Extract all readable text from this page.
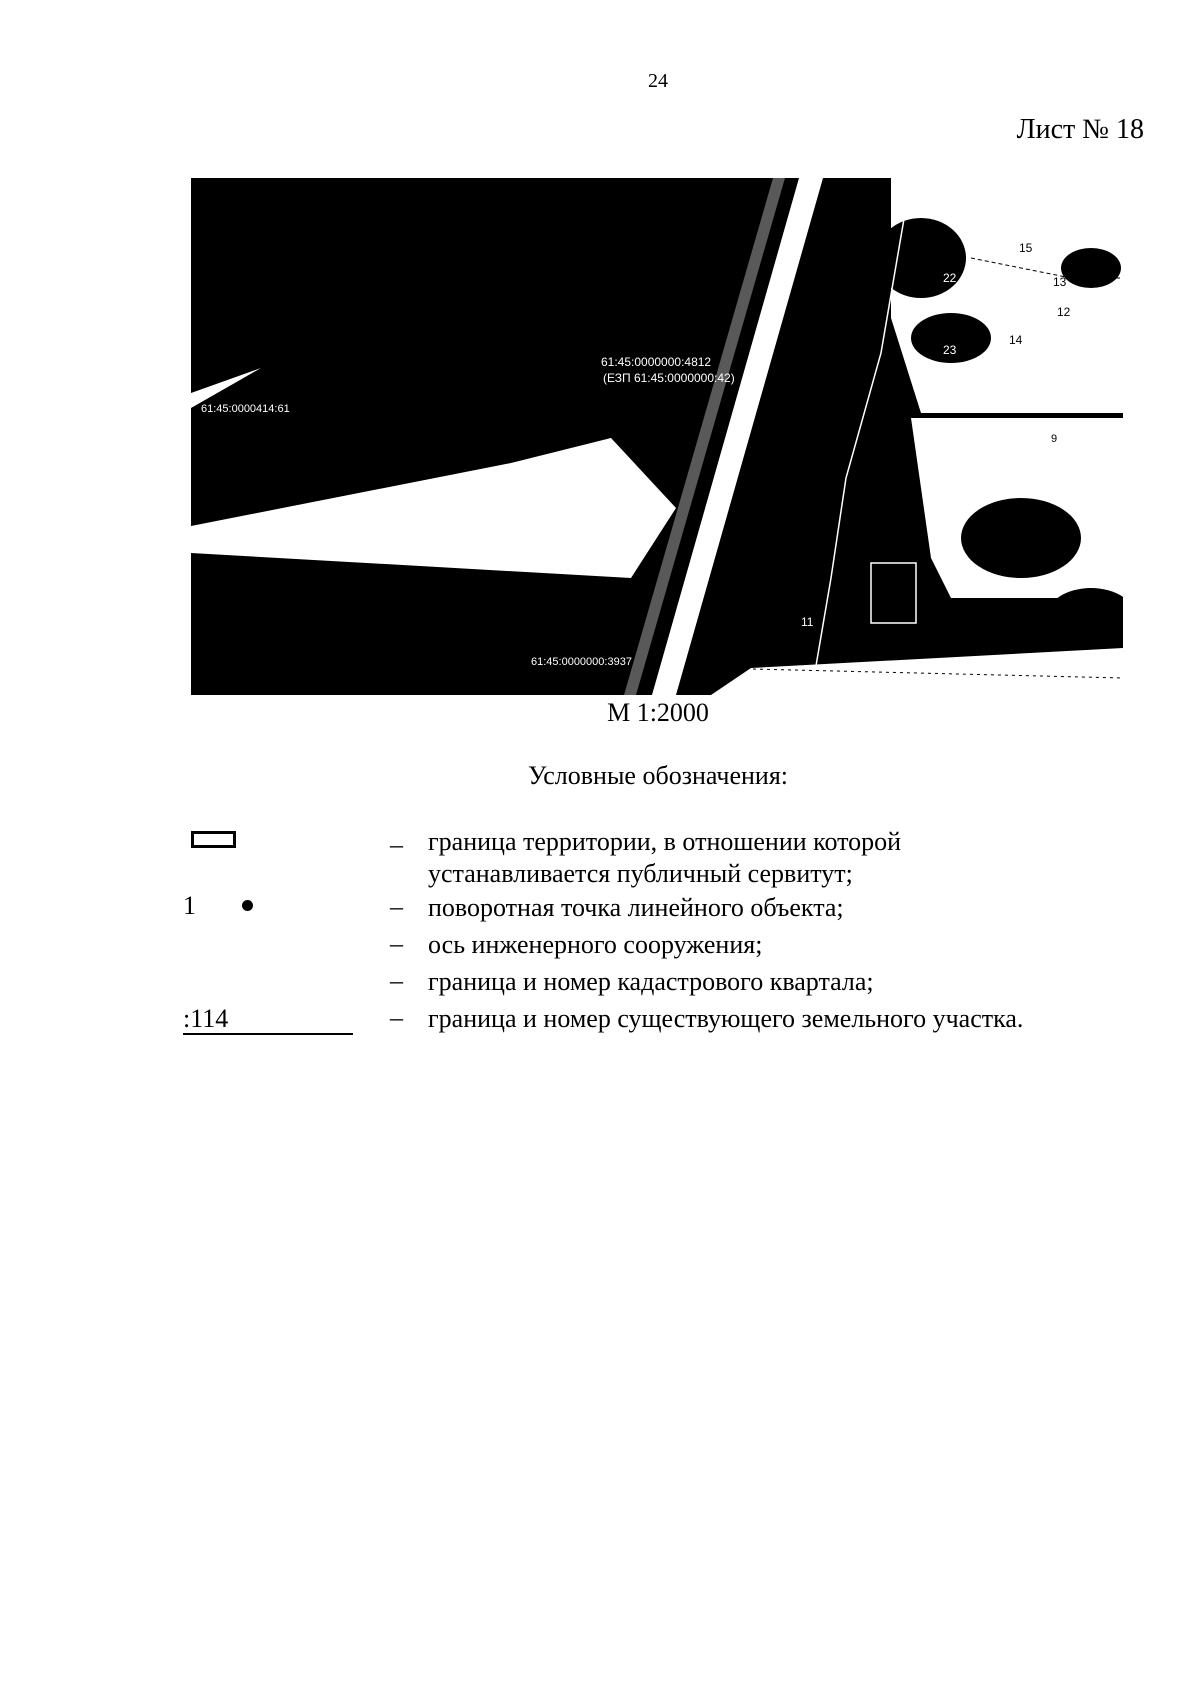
24
Лист № 18
61:45:0000000:4812
(ЕЗП 61:45:0000000:42)
61:45:0000414:61
61:45:0000000:3937
15
13
12
14
22
23
11
9
М 1:2000
Условные обозначения:
– граница территории, в отношении которой
устанавливается публичный сервитут;
1	– поворотная точка линейного объекта;
– ось инженерного сооружения;
– граница и номер кадастрового квартала;
:114	– граница и номер существующего земельного участка.
